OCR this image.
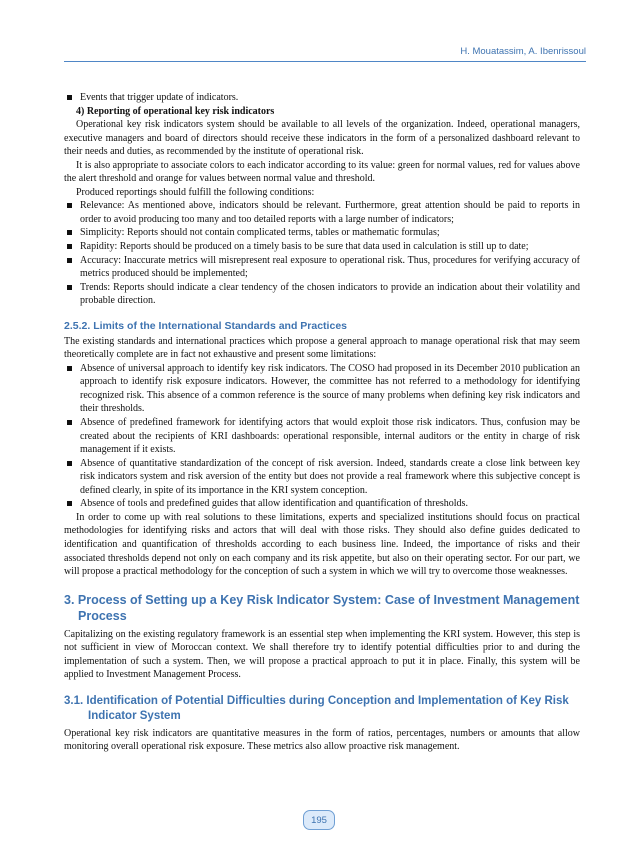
H. Mouatassim, A. Ibenrissoul
Events that trigger update of indicators.

4) Reporting of operational key risk indicators

Operational key risk indicators system should be available to all levels of the organization. Indeed, operational managers, executive managers and board of directors should receive these indicators in the form of a personalized dashboard relevant to their needs and duties, as recommended by the institute of operational risk.

It is also appropriate to associate colors to each indicator according to its value: green for normal values, red for values above the alert threshold and orange for values between normal value and threshold.

Produced reportings should fulfill the following conditions:

Relevance: As mentioned above, indicators should be relevant. Furthermore, great attention should be paid to reports in order to avoid producing too many and too detailed reports with a large number of indicators;
Simplicity: Reports should not contain complicated terms, tables or mathematic formulas;
Rapidity: Reports should be produced on a timely basis to be sure that data used in calculation is still up to date;
Accuracy: Inaccurate metrics will misrepresent real exposure to operational risk. Thus, procedures for verifying accuracy of metrics produced should be implemented;
Trends: Reports should indicate a clear tendency of the chosen indicators to provide an indication about their volatility and probable direction.
2.5.2. Limits of the International Standards and Practices

The existing standards and international practices which propose a general approach to manage operational risk that may seem theoretically complete are in fact not exhaustive and present some limitations:

Absence of universal approach to identify key risk indicators. The COSO had proposed in its December 2010 publication an approach to identify risk exposure indicators. However, the committee has not referred to a methodology for identifying recognized risk. This absence of a common reference is the source of many problems when defining key risk indicators and their thresholds.
Absence of predefined framework for identifying actors that would exploit those risk indicators. Thus, confusion may be created about the recipients of KRI dashboards: operational responsible, internal auditors or the entity in charge of risk management if it exists.
Absence of quantitative standardization of the concept of risk aversion. Indeed, standards create a close link between key risk indicators system and risk aversion of the entity but does not provide a real framework where this subjective concept is defined clearly, in spite of its importance in the KRI system conception.
Absence of tools and predefined guides that allow identification and quantification of thresholds.

In order to come up with real solutions to these limitations, experts and specialized institutions should focus on practical methodologies for identifying risks and actors that will deal with those risks. They should also define guides dedicated to identification and quantification of thresholds according to each business line. Indeed, the importance of risks and their associated thresholds depend not only on each company and its risk appetite, but also on their operating sector. For our part, we will propose a practical methodology for the conception of such a system in which we will try to overcome those weaknesses.

3. Process of Setting up a Key Risk Indicator System: Case of Investment Management Process

Capitalizing on the existing regulatory framework is an essential step when implementing the KRI system. However, this step is not sufficient in view of Moroccan context. We shall therefore try to identify potential difficulties prior to and during the implementation of such a system. Then, we will propose a practical approach to put it in place. Finally, this system will be applied to Investment Management Process.

3.1. Identification of Potential Difficulties during Conception and Implementation of Key Risk Indicator System

Operational key risk indicators are quantitative measures in the form of ratios, percentages, numbers or amounts that allow monitoring overall operational risk exposure. These metrics also allow proactive risk management.

195
